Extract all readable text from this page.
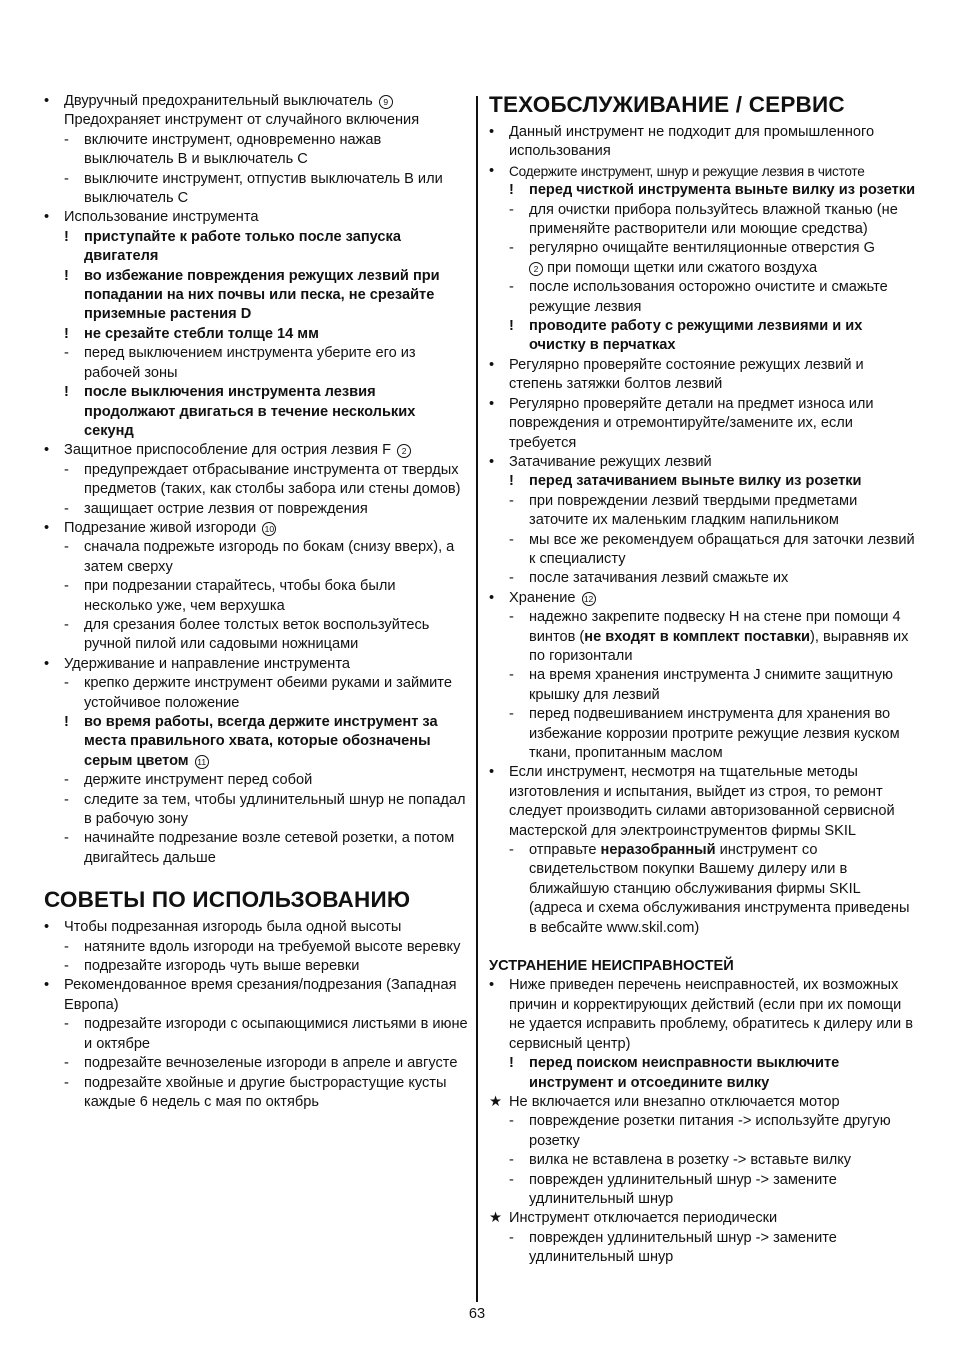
•	Двуручный предохранительный выключатель 9
Предохраняет инструмент от случайного включения
-	включите инструмент, одновременно нажав выключатель B и выключатель C
-	выключите инструмент, отпустив выключатель B или выключатель C
•	Использование инструмента
!	приступайте к работе только после запуска двигателя
!	во избежание повреждения режущих лезвий при попадании на них почвы или песка, не срезайте приземные растения D
!	не срезайте стебли толще 14 мм
-	перед выключением инструмента уберите его из рабочей зоны
!	после выключения инструмента лезвия продолжают двигаться в течение нескольких секунд
•	Защитное приспособление для острия лезвия F 2
-	предупреждает отбрасывание инструмента от твердых предметов (таких, как столбы забора или стены домов)
-	защищает острие лезвия от повреждения
•	Подрезание живой изгороди 10
-	сначала подрежьте изгородь по бокам (снизу вверх), а затем сверху
-	при подрезании старайтесь, чтобы бока были несколько уже, чем верхушка
-	для срезания более толстых веток воспользуйтесь ручной пилой или садовыми ножницами
•	Удерживание и направление инструмента
-	крепко держите инструмент обеими руками и займите устойчивое положение
!	во время работы, всегда держите инструмент за места правильного хвата, которые обозначены серым цветом 11
-	держите инструмент перед собой
-	следите за тем, чтобы удлинительный шнур не попадал в рабочую зону
-	начинайте подрезание возле сетевой розетки, а потом двигайтесь дальше
СОВЕТЫ ПО ИСПОЛЬЗОВАНИЮ
•	Чтобы подрезанная изгородь была одной высоты
-	натяните вдоль изгороди на требуемой высоте веревку
-	подрезайте изгородь чуть выше веревки
•	Рекомендованное время срезания/подрезания (Западная Европа)
-	подрезайте изгороди с осыпающимися листьями в июне и октябре
-	подрезайте вечнозеленые изгороди в апреле и августе
-	подрезайте хвойные и другие быстрорастущие кусты каждые 6 недель с мая по октябрь
ТЕХОБСЛУЖИВАНИЕ / СЕРВИС
•	Данный инструмент не подходит для промышленного использования
•	Содержите инструмент, шнур и режущие лезвия в чистоте
!	перед чисткой инструмента выньте вилку из розетки
-	для очистки прибора пользуйтесь влажной тканью (не применяйте растворители или моющие средства)
-	регулярно очищайте вентиляционные отверстия G
2 при помощи щетки или сжатого воздуха
-	после использования осторожно очистите и смажьте режущие лезвия
!	проводите работу с режущими лезвиями и их очистку в перчатках
•	Регулярно проверяйте состояние режущих лезвий и степень затяжки болтов лезвий
•	Регулярно проверяйте детали на предмет износа или повреждения и отремонтируйте/замените их, если требуется
•	Затачивание режущих лезвий
!	перед затачиванием выньте вилку из розетки
-	при повреждении лезвий твердыми предметами заточите их маленьким гладким напильником
-	мы все же рекомендуем обращаться для заточки лезвий к специалисту
-	после затачивания лезвий смажьте их
•	Хранение 12
-	надежно закрепите подвеску H на стене при помощи 4 винтов (не входят в комплект поставки), выравняв их по горизонтали
-	на время хранения инструмента J снимите защитную крышку для лезвий
-	перед подвешиванием инструмента для хранения во избежание коррозии протрите режущие лезвия куском ткани, пропитанным маслом
•	Если инструмент, несмотря на тщательные методы изготовления и испытания, выйдет из строя, то ремонт следует производить силами авторизованной сервисной мастерской для электроинструментов фирмы SKIL
-	отправьте неразобранный инструмент со свидетельством покупки Вашему дилеру или в ближайшую станцию обслуживания фирмы SKIL (адреса и схема обслуживания инструмента приведены в вебсайте www.skil.com)
УСТРАНЕНИЕ НЕИСПРАВНОСТЕЙ
•	Ниже приведен перечень неисправностей, их возможных причин и корректирующих действий (если при их помощи не удается исправить проблему, обратитесь к дилеру или в сервисный центр)
!	перед поиском неисправности выключите инструмент и отсоедините вилку
★ Не включается или внезапно отключается мотор
-	повреждение розетки питания -> используйте другую розетку
-	вилка не вставлена в розетку -> вставьте вилку
-	поврежден удлинительный шнур -> замените удлинительный шнур
★ Инструмент отключается периодически
-	поврежден удлинительный шнур -> замените удлинительный шнур
63
